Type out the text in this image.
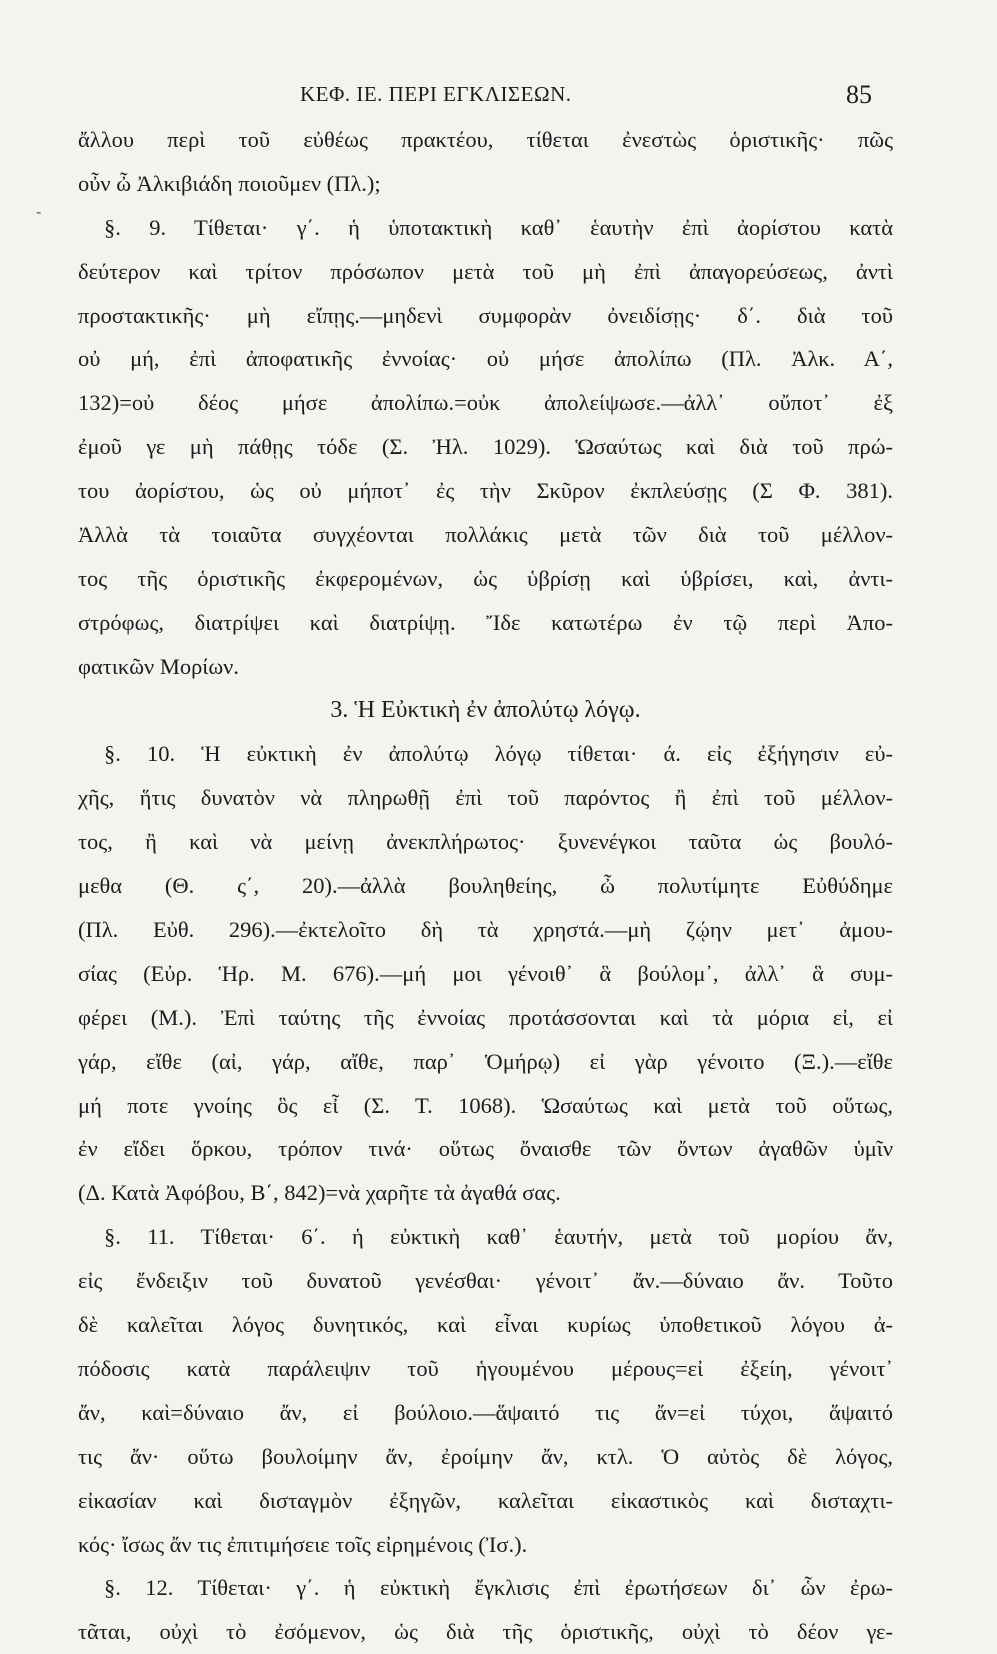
ΚΕΦ. ΙΕ. ΠΕΡΙ ΕΓΚΛΙΣΕΩΝ.	85
-
ἄλλου περὶ τοῦ εὐθέως πρακτέου, τίθεται ἐνεστὼς ὁριστικῆς· πῶς
οὖν ὦ Ἀλκιβιάδη ποιοῦμεν (Πλ.);
§. 9. Τίθεται· γ΄. ἡ ὑποτακτικὴ καθ᾽ ἑαυτὴν ἐπὶ ἀορίστου κατὰ
δεύτερον καὶ τρίτον πρόσωπον μετὰ τοῦ μὴ ἐπὶ ἀπαγορεύσεως, ἀντὶ
προστακτικῆς· μὴ εἴπῃς.—μηδενὶ συμφορὰν ὀνειδίσῃς· δ΄. διὰ τοῦ
οὐ μή, ἐπὶ ἀποφατικῆς ἐννοίας· οὐ μήσε ἀπολίπω (Πλ. Ἀλκ. Α΄,
132)=οὐ δέος μήσε ἀπολίπω.=οὐκ ἀπολείψωσε.—ἀλλ᾽ οὔποτ᾽ ἐξ
ἐμοῦ γε μὴ πάθῃς τόδε (Σ. Ἠλ. 1029). Ὡσαύτως καὶ διὰ τοῦ πρώ-
του ἀορίστου, ὡς οὐ μήποτ᾽ ἐς τὴν Σκῦρον ἐκπλεύσῃς (Σ Φ. 381).
Ἀλλὰ τὰ τοιαῦτα συγχέονται πολλάκις μετὰ τῶν διὰ τοῦ μέλλον-
τος τῆς ὁριστικῆς ἐκφερομένων, ὡς ὑβρίσῃ καὶ ὑβρίσει, καὶ, ἀντι-
στρόφως, διατρίψει καὶ διατρίψῃ. Ἴδε κατωτέρω ἐν τῷ περὶ Ἀπο-
φατικῶν Μορίων.
3. Ἡ Εὐκτικὴ ἐν ἀπολύτῳ λόγῳ.
§. 10. Ἡ εὐκτικὴ ἐν ἀπολύτῳ λόγῳ τίθεται· ά. εἰς ἐξήγησιν εὐ-
χῆς, ἥτις δυνατὸν νὰ πληρωθῇ ἐπὶ τοῦ παρόντος ἢ ἐπὶ τοῦ μέλλον-
τος, ἢ καὶ νὰ μείνῃ ἀνεκπλήρωτος· ξυνενέγκοι ταῦτα ὡς βουλό-
μεθα (Θ. ς΄, 20).—ἀλλὰ βουληθείης, ὦ πολυτίμητε Εὐθύδημε
(Πλ. Εὐθ. 296).—ἐκτελοῖτο δὴ τὰ χρηστά.—μὴ ζῴην μετ᾽ ἀμου-
σίας (Εὐρ. Ἡρ. Μ. 676).—μή μοι γένοιθ᾽ ἃ βούλομ᾽, ἀλλ᾽ ἃ συμ-
φέρει (Μ.). Ἐπὶ ταύτης τῆς ἐννοίας προτάσσονται καὶ τὰ μόρια εἰ, εἰ
γάρ, εἴθε (αἰ, γάρ, αἴθε, παρ᾽ Ὁμήρῳ) εἰ γὰρ γένοιτο (Ξ.).—εἴθε
μή ποτε γνοίης ὃς εἶ (Σ. Τ. 1068). Ὡσαύτως καὶ μετὰ τοῦ οὕτως,
ἐν εἴδει ὅρκου, τρόπον τινά· οὕτως ὄναισθε τῶν ὄντων ἀγαθῶν ὑμῖν
(Δ. Κατὰ Ἀφόβου, Β΄, 842)=νὰ χαρῆτε τὰ ἀγαθά σας.
§. 11. Τίθεται· 6΄. ἡ εὐκτικὴ καθ᾽ ἑαυτήν, μετὰ τοῦ μορίου ἄν,
εἰς ἔνδειξιν τοῦ δυνατοῦ γενέσθαι· γένοιτ᾽ ἄν.—δύναιο ἄν. Τοῦτο
δὲ καλεῖται λόγος δυνητικός, καὶ εἶναι κυρίως ὑποθετικοῦ λόγου ἀ-
πόδοσις κατὰ παράλειψιν τοῦ ἡγουμένου μέρους=εἰ ἐξείη, γένοιτ᾽
ἄν, καὶ=δύναιο ἄν, εἰ βούλοιο.—ἅψαιτό τις ἄν=εἰ τύχοι, ἅψαιτό
τις ἄν· οὕτω βουλοίμην ἄν, ἐροίμην ἄν, κτλ. Ὁ αὐτὸς δὲ λόγος,
εἰκασίαν καὶ δισταγμὸν ἐξηγῶν, καλεῖται εἰκαστικὸς καὶ δισταχτι-
κός· ἴσως ἄν τις ἐπιτιμήσειε τοῖς εἰρημένοις (Ἰσ.).
§. 12. Τίθεται· γ΄. ἡ εὐκτικὴ ἔγκλισις ἐπὶ ἐρωτήσεων δι᾽ ὧν ἐρω-
τᾶται, οὐχὶ τὸ ἐσόμενον, ὡς διὰ τῆς ὁριστικῆς, οὐχὶ τὸ δέον γε-
